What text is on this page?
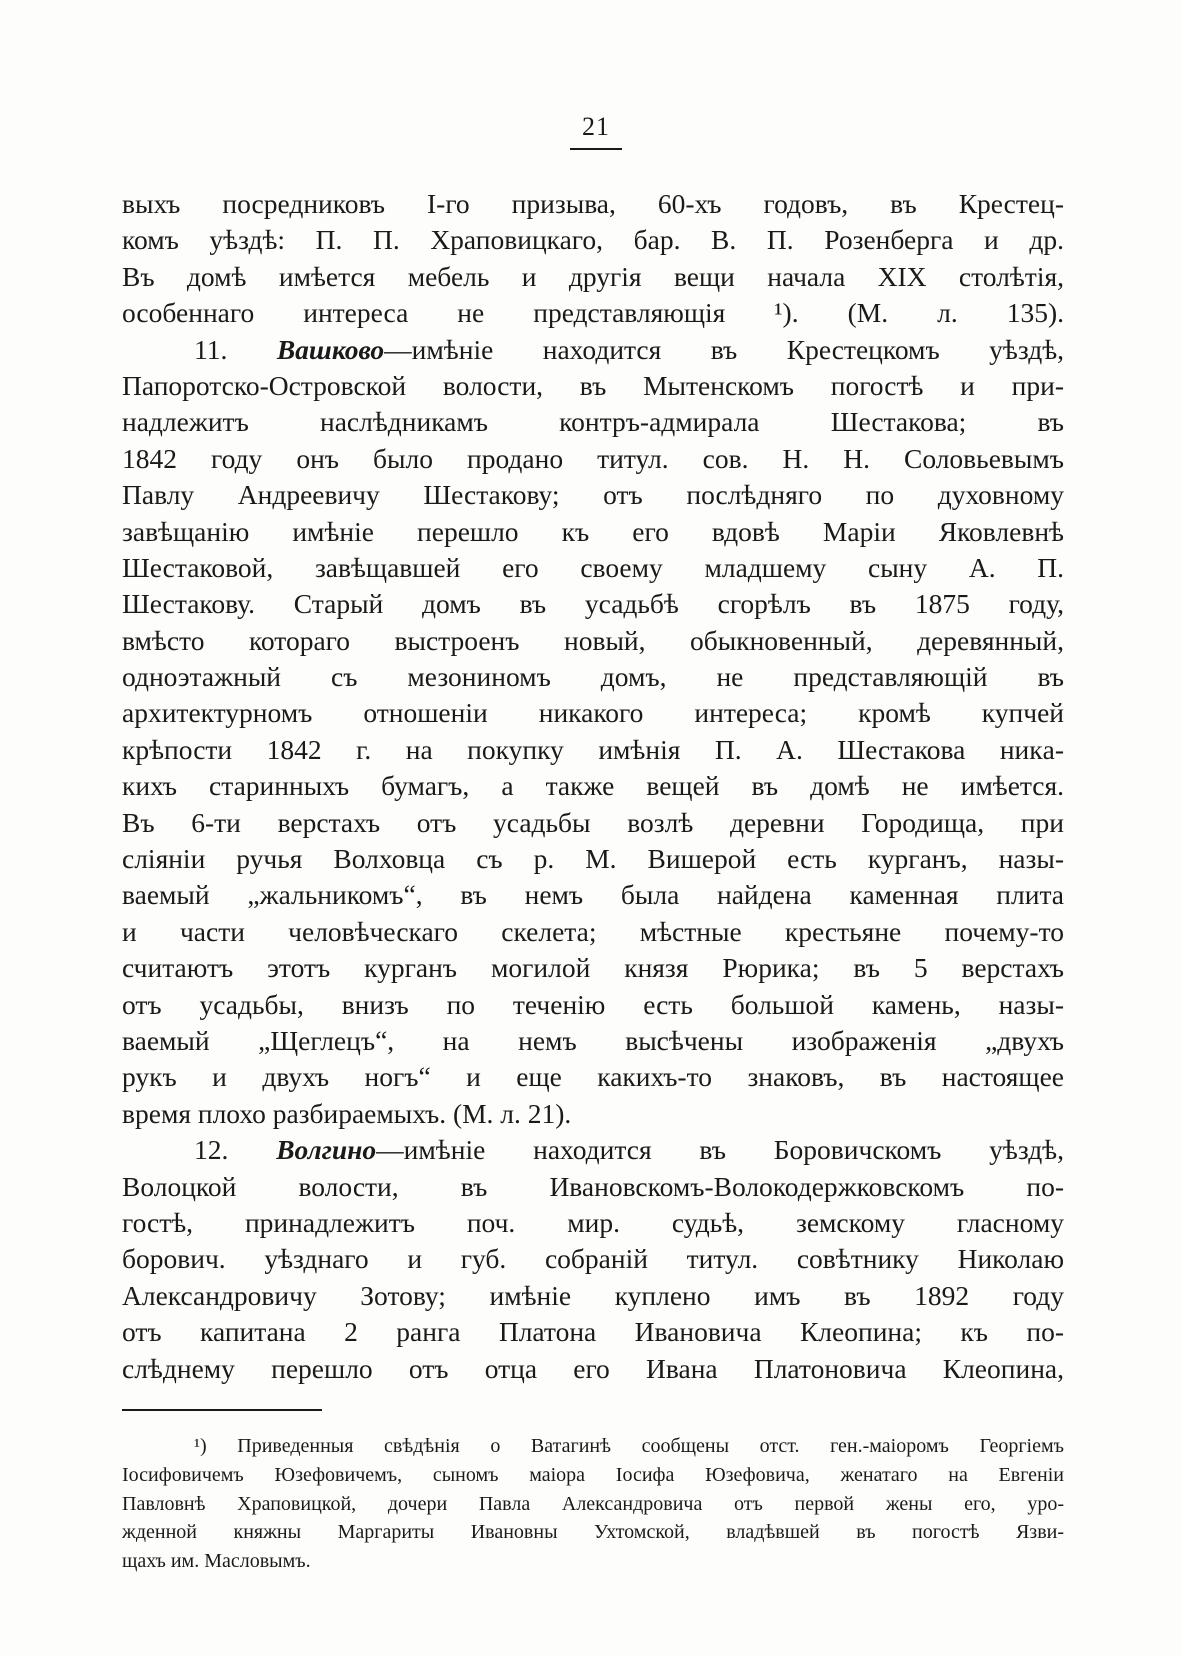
21
выхъ посредниковъ I-го призыва, 60-хъ годовъ, въ Крестец-
комъ уѣздѣ: П. П. Храповицкаго, бар. В. П. Розенберга и др.
Въ домѣ имѣется мебель и другія вещи начала XIX столѣтія,
особеннаго интереса не представляющія ¹). (М. л. 135).
11. Вашково—имѣніе находится въ Крестецкомъ уѣздѣ,
Папоротско-Островской волости, въ Мытенскомъ погостѣ и при-
надлежитъ наслѣдникамъ контръ-адмирала Шестакова; въ
1842 году онъ было продано титул. сов. Н. Н. Соловьевымъ
Павлу Андреевичу Шестакову; отъ послѣдняго по духовному
завѣщанію имѣніе перешло къ его вдовѣ Маріи Яковлевнѣ
Шестаковой, завѣщавшей его своему младшему сыну А. П.
Шестакову. Старый домъ въ усадьбѣ сгорѣлъ въ 1875 году,
вмѣсто котораго выстроенъ новый, обыкновенный, деревянный,
одноэтажный съ мезониномъ домъ, не представляющій въ
архитектурномъ отношеніи никакого интереса; кромѣ купчей
крѣпости 1842 г. на покупку имѣнія П. А. Шестакова никa-
кихъ старинныхъ бумагъ, а также вещей въ домѣ не имѣется.
Въ 6-ти верстахъ отъ усадьбы возлѣ деревни Городища, при
сліяніи ручья Волховца съ р. М. Вишерой есть курганъ, назы-
ваемый „жальникомъ“, въ немъ была найдена каменная плита
и части человѣческаго скелета; мѣстные крестьяне почему-то
считаютъ этотъ курганъ могилой князя Рюрика; въ 5 верстахъ
отъ усадьбы, внизъ по теченію есть большой камень, назы-
ваемый „Щеглецъ“, на немъ высѣчены изображенія „двухъ
рукъ и двухъ ногъ“ и еще какихъ-то знаковъ, въ настоящее
время плохо разбираемыхъ. (М. л. 21).
12. Волгино—имѣніе находится въ Боровичскомъ уѣздѣ,
Волоцкой волости, въ Ивановскомъ-Волокодержковскомъ по-
гостѣ, принадлежитъ поч. мир. судьѣ, земскому гласному
борович. уѣзднаго и губ. собраній титул. совѣтнику Николаю
Александровичу Зотову; имѣніе куплено имъ въ 1892 году
отъ капитана 2 ранга Платона Ивановича Клеопина; къ по-
слѣднему перешло отъ отца его Ивана Платоновича Клеопина,
¹) Приведенныя свѣдѣнія о Ватагинѣ сообщены отст. ген.-маіоромъ Георгіемъ
Іосифовичемъ Юзефовичемъ, сыномъ маіора Іосифа Юзефовича, женатаго на Евгеніи
Павловнѣ Храповицкой, дочери Павла Александровича отъ первой жены его, уро-
жденной княжны Маргариты Ивановны Ухтомской, владѣвшей въ погостѣ Язви-
щахъ им. Масловымъ.
